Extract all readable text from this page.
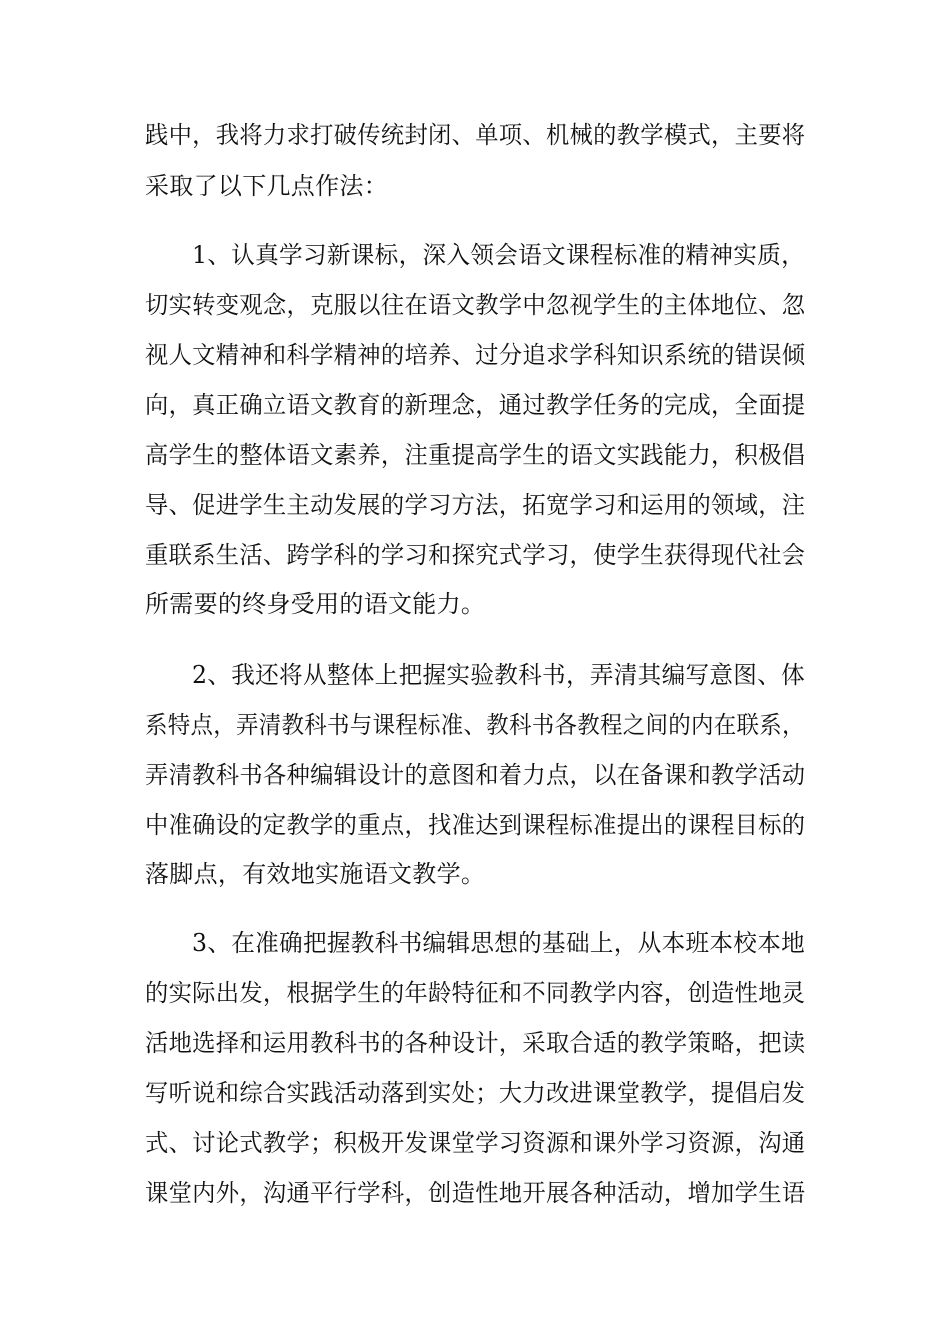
践中，我将力求打破传统封闭、单项、机械的教学模式，主要将
采取了以下几点作法：
1、认真学习新课标，深入领会语文课程标准的精神实质，
切实转变观念，克服以往在语文教学中忽视学生的主体地位、忽
视人文精神和科学精神的培养、过分追求学科知识系统的错误倾
向，真正确立语文教育的新理念，通过教学任务的完成，全面提
高学生的整体语文素养，注重提高学生的语文实践能力，积极倡
导、促进学生主动发展的学习方法，拓宽学习和运用的领域，注
重联系生活、跨学科的学习和探究式学习，使学生获得现代社会
所需要的终身受用的语文能力。
2、我还将从整体上把握实验教科书，弄清其编写意图、体
系特点，弄清教科书与课程标准、教科书各教程之间的内在联系，
弄清教科书各种编辑设计的意图和着力点，以在备课和教学活动
中准确设的定教学的重点，找准达到课程标准提出的课程目标的
落脚点，有效地实施语文教学。
3、在准确把握教科书编辑思想的基础上，从本班本校本地
的实际出发，根据学生的年龄特征和不同教学内容，创造性地灵
活地选择和运用教科书的各种设计，采取合适的教学策略，把读
写听说和综合实践活动落到实处；大力改进课堂教学，提倡启发
式、讨论式教学；积极开发课堂学习资源和课外学习资源，沟通
课堂内外，沟通平行学科，创造性地开展各种活动，增加学生语
